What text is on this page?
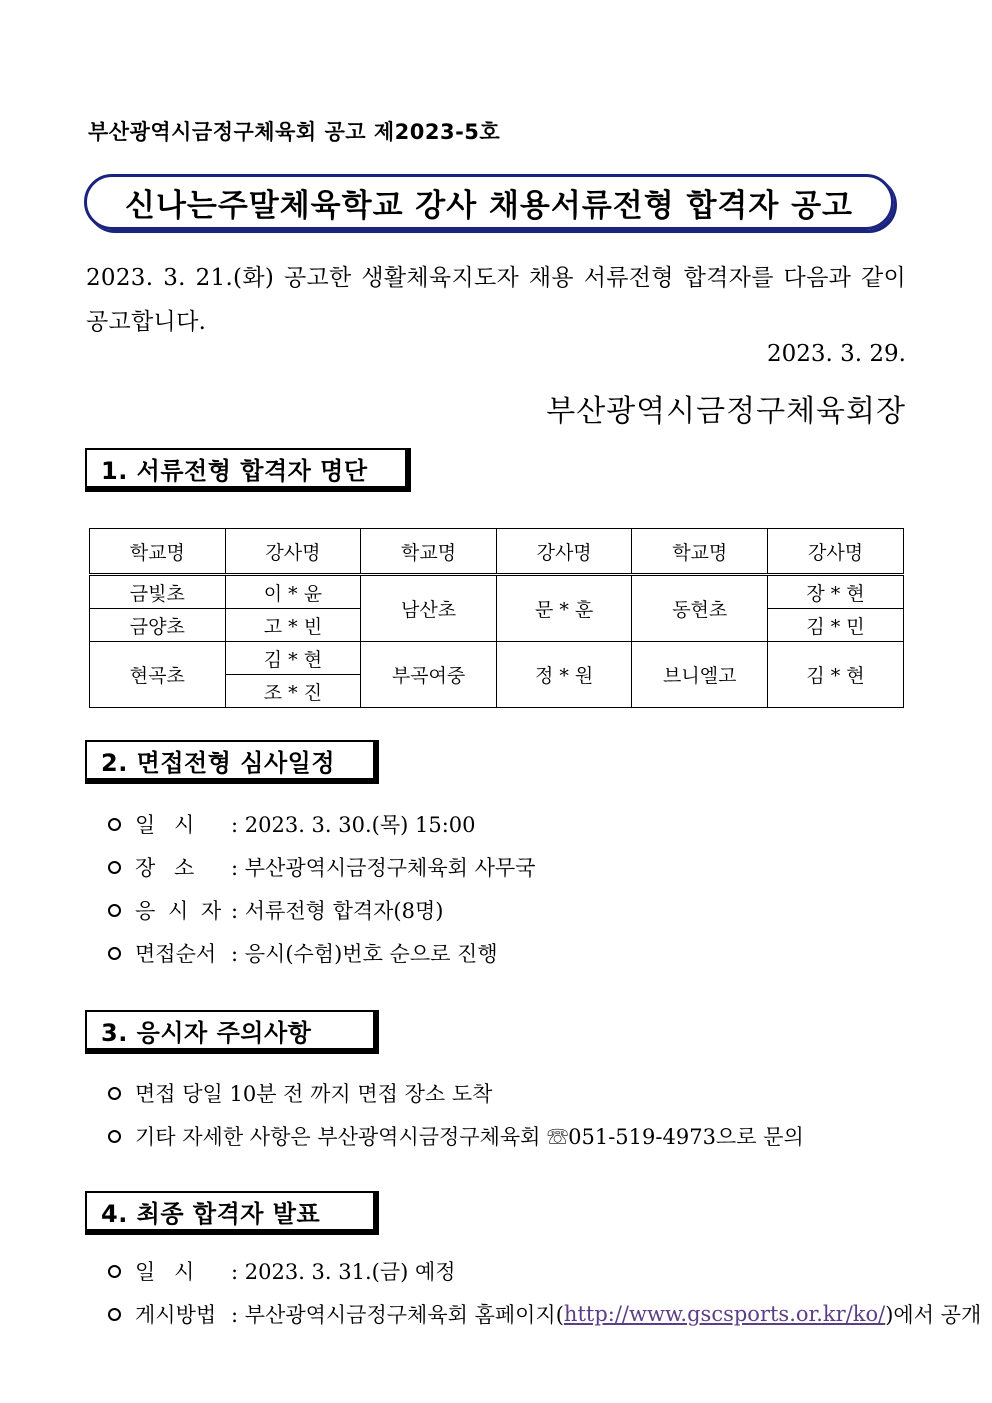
부산광역시금정구체육회 공고 제2023-5호
신나는주말체육학교 강사 채용서류전형 합격자 공고
2023. 3. 21.(화) 공고한 생활체육지도자 채용 서류전형 합격자를 다음과 같이 공고합니다.
2023. 3. 29.
부산광역시금정구체육회장
1. 서류전형 합격자 명단
학교명	강사명	학교명	강사명	학교명	강사명
금빛초	이 * 윤	남산초	문 * 훈	동현초	장 * 현
금양초	고 * 빈				김 * 민
현곡초	김 * 현	부곡여중	정 * 원	브니엘고	김 * 현
	조 * 진				
2. 면접전형 심사일정
일 시	: 2023. 3. 30.(목) 15:00
장 소	: 부산광역시금정구체육회 사무국
응 시 자 : 서류전형 합격자(8명)
면접순서 : 응시(수험)번호 순으로 진행
3. 응시자 주의사항
면접 당일 10분 전 까지 면접 장소 도착
기타 자세한 사항은 부산광역시금정구체육회 ☏051-519-4973으로 문의
4. 최종 합격자 발표
일 시	: 2023. 3. 31.(금) 예정
게시방법 : 부산광역시금정구체육회 홈페이지( http://www.gscsports.or.kr/ko/ )에서 공개
